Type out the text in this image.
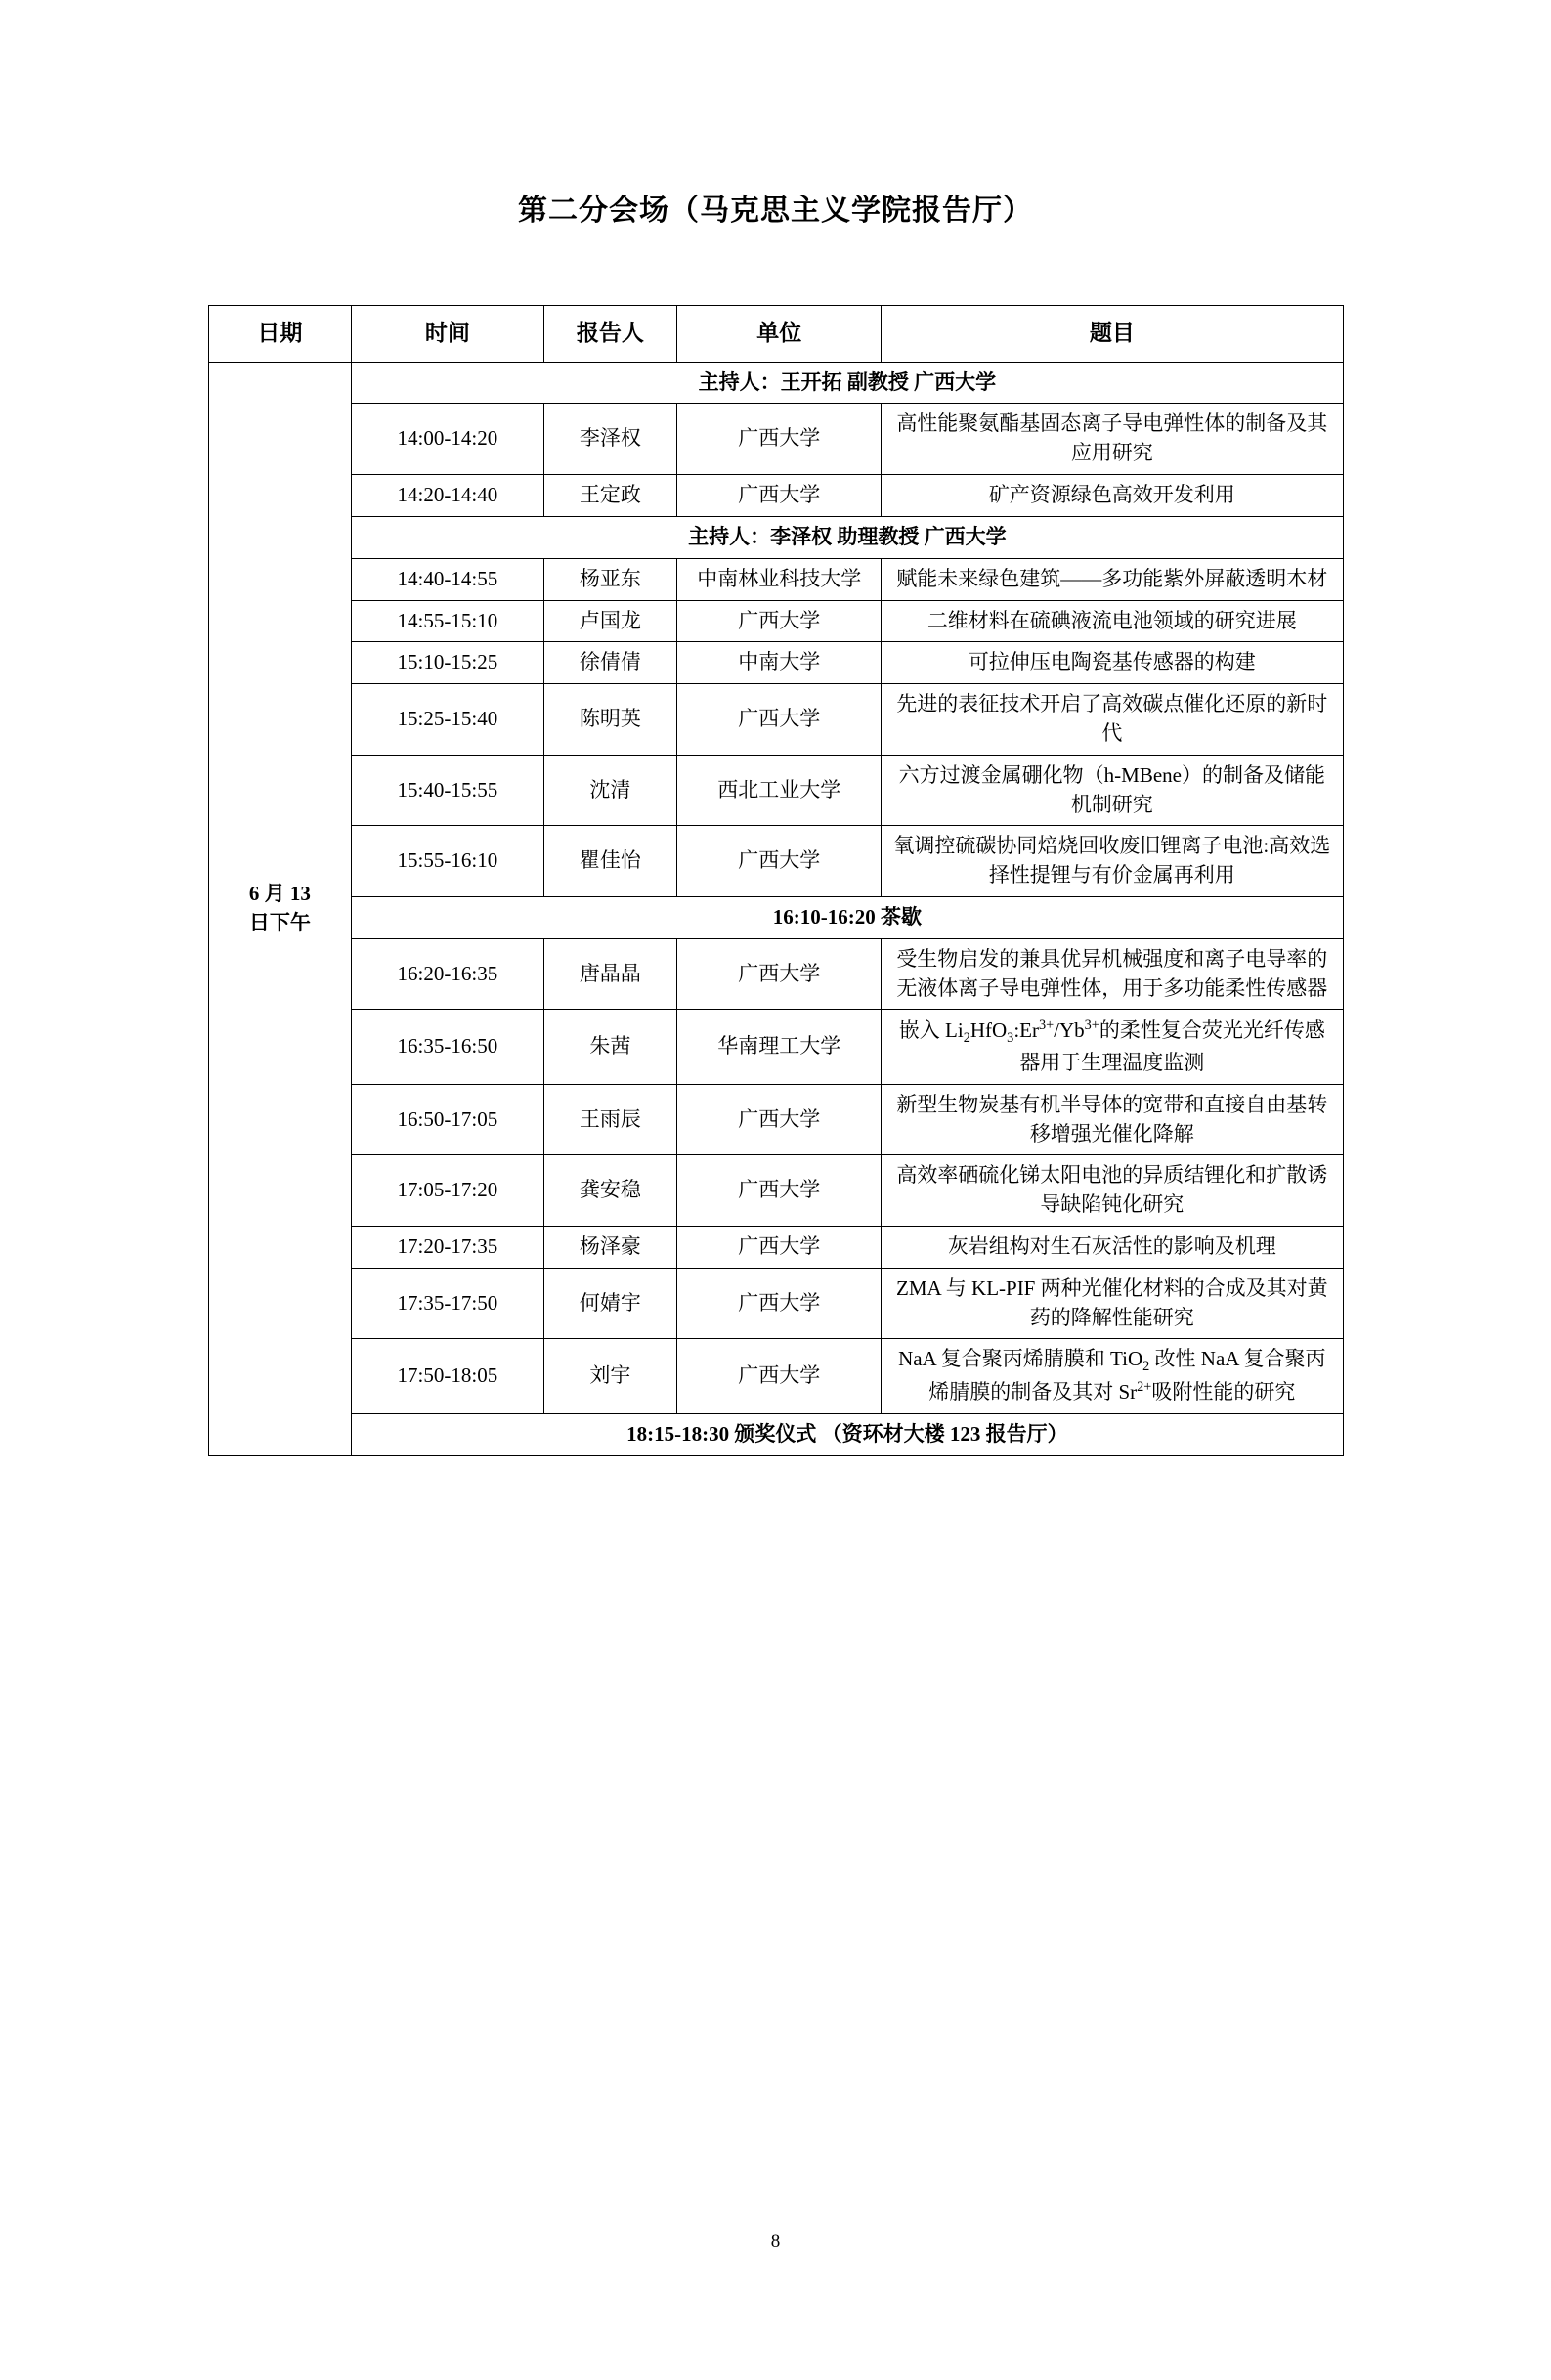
第二分会场（马克思主义学院报告厅）
日期	时间	报告人	单位	题目

6 月 13
日下午	主持人：王开拓 副教授 广西大学			
	14:00-14:20	李泽权	广西大学	高性能聚氨酯基固态离子导电弹性体的制备及其应用研究
	14:20-14:40	王定政	广西大学	矿产资源绿色高效开发利用
	主持人：李泽权 助理教授 广西大学			
	14:40-14:55	杨亚东	中南林业科技大学	赋能未来绿色建筑——多功能紫外屏蔽透明木材
	14:55-15:10	卢国龙	广西大学	二维材料在硫碘液流电池领域的研究进展
	15:10-15:25	徐倩倩	中南大学	可拉伸压电陶瓷基传感器的构建
	15:25-15:40	陈明英	广西大学	先进的表征技术开启了高效碳点催化还原的新时代
	15:40-15:55	沈清	西北工业大学	六方过渡金属硼化物（h-MBene）的制备及储能机制研究
	15:55-16:10	瞿佳怡	广西大学	氧调控硫碳协同焙烧回收废旧锂离子电池:高效选择性提锂与有价金属再利用
	16:10-16:20 茶歇			
	16:20-16:35	唐晶晶	广西大学	受生物启发的兼具优异机械强度和离子电导率的无液体离子导电弹性体，用于多功能柔性传感器
	16:35-16:50	朱茜	华南理工大学	嵌入 $Li_2HfO_3:Er^{3+}/Yb^{3+}$的柔性复合荧光光纤传感器用于生理温度监测
	16:50-17:05	王雨辰	广西大学	新型生物炭基有机半导体的宽带和直接自由基转移增强光催化降解
	17:05-17:20	龚安稳	广西大学	高效率硒硫化锑太阳电池的异质结锂化和扩散诱导缺陷钝化研究
	17:20-17:35	杨泽豪	广西大学	灰岩组构对生石灰活性的影响及机理
	17:35-17:50	何婧宇	广西大学	ZMA 与 KL-PIF 两种光催化材料的合成及其对黄药的降解性能研究
	17:50-18:05	刘宇	广西大学	NaA 复合聚丙烯腈膜和 TiO$_2$ 改性 NaA 复合聚丙烯腈膜的制备及其对 $Sr^{2+}$吸附性能的研究
	18:15-18:30 颁奖仪式 （资环材大楼 123 报告厅）			
8
